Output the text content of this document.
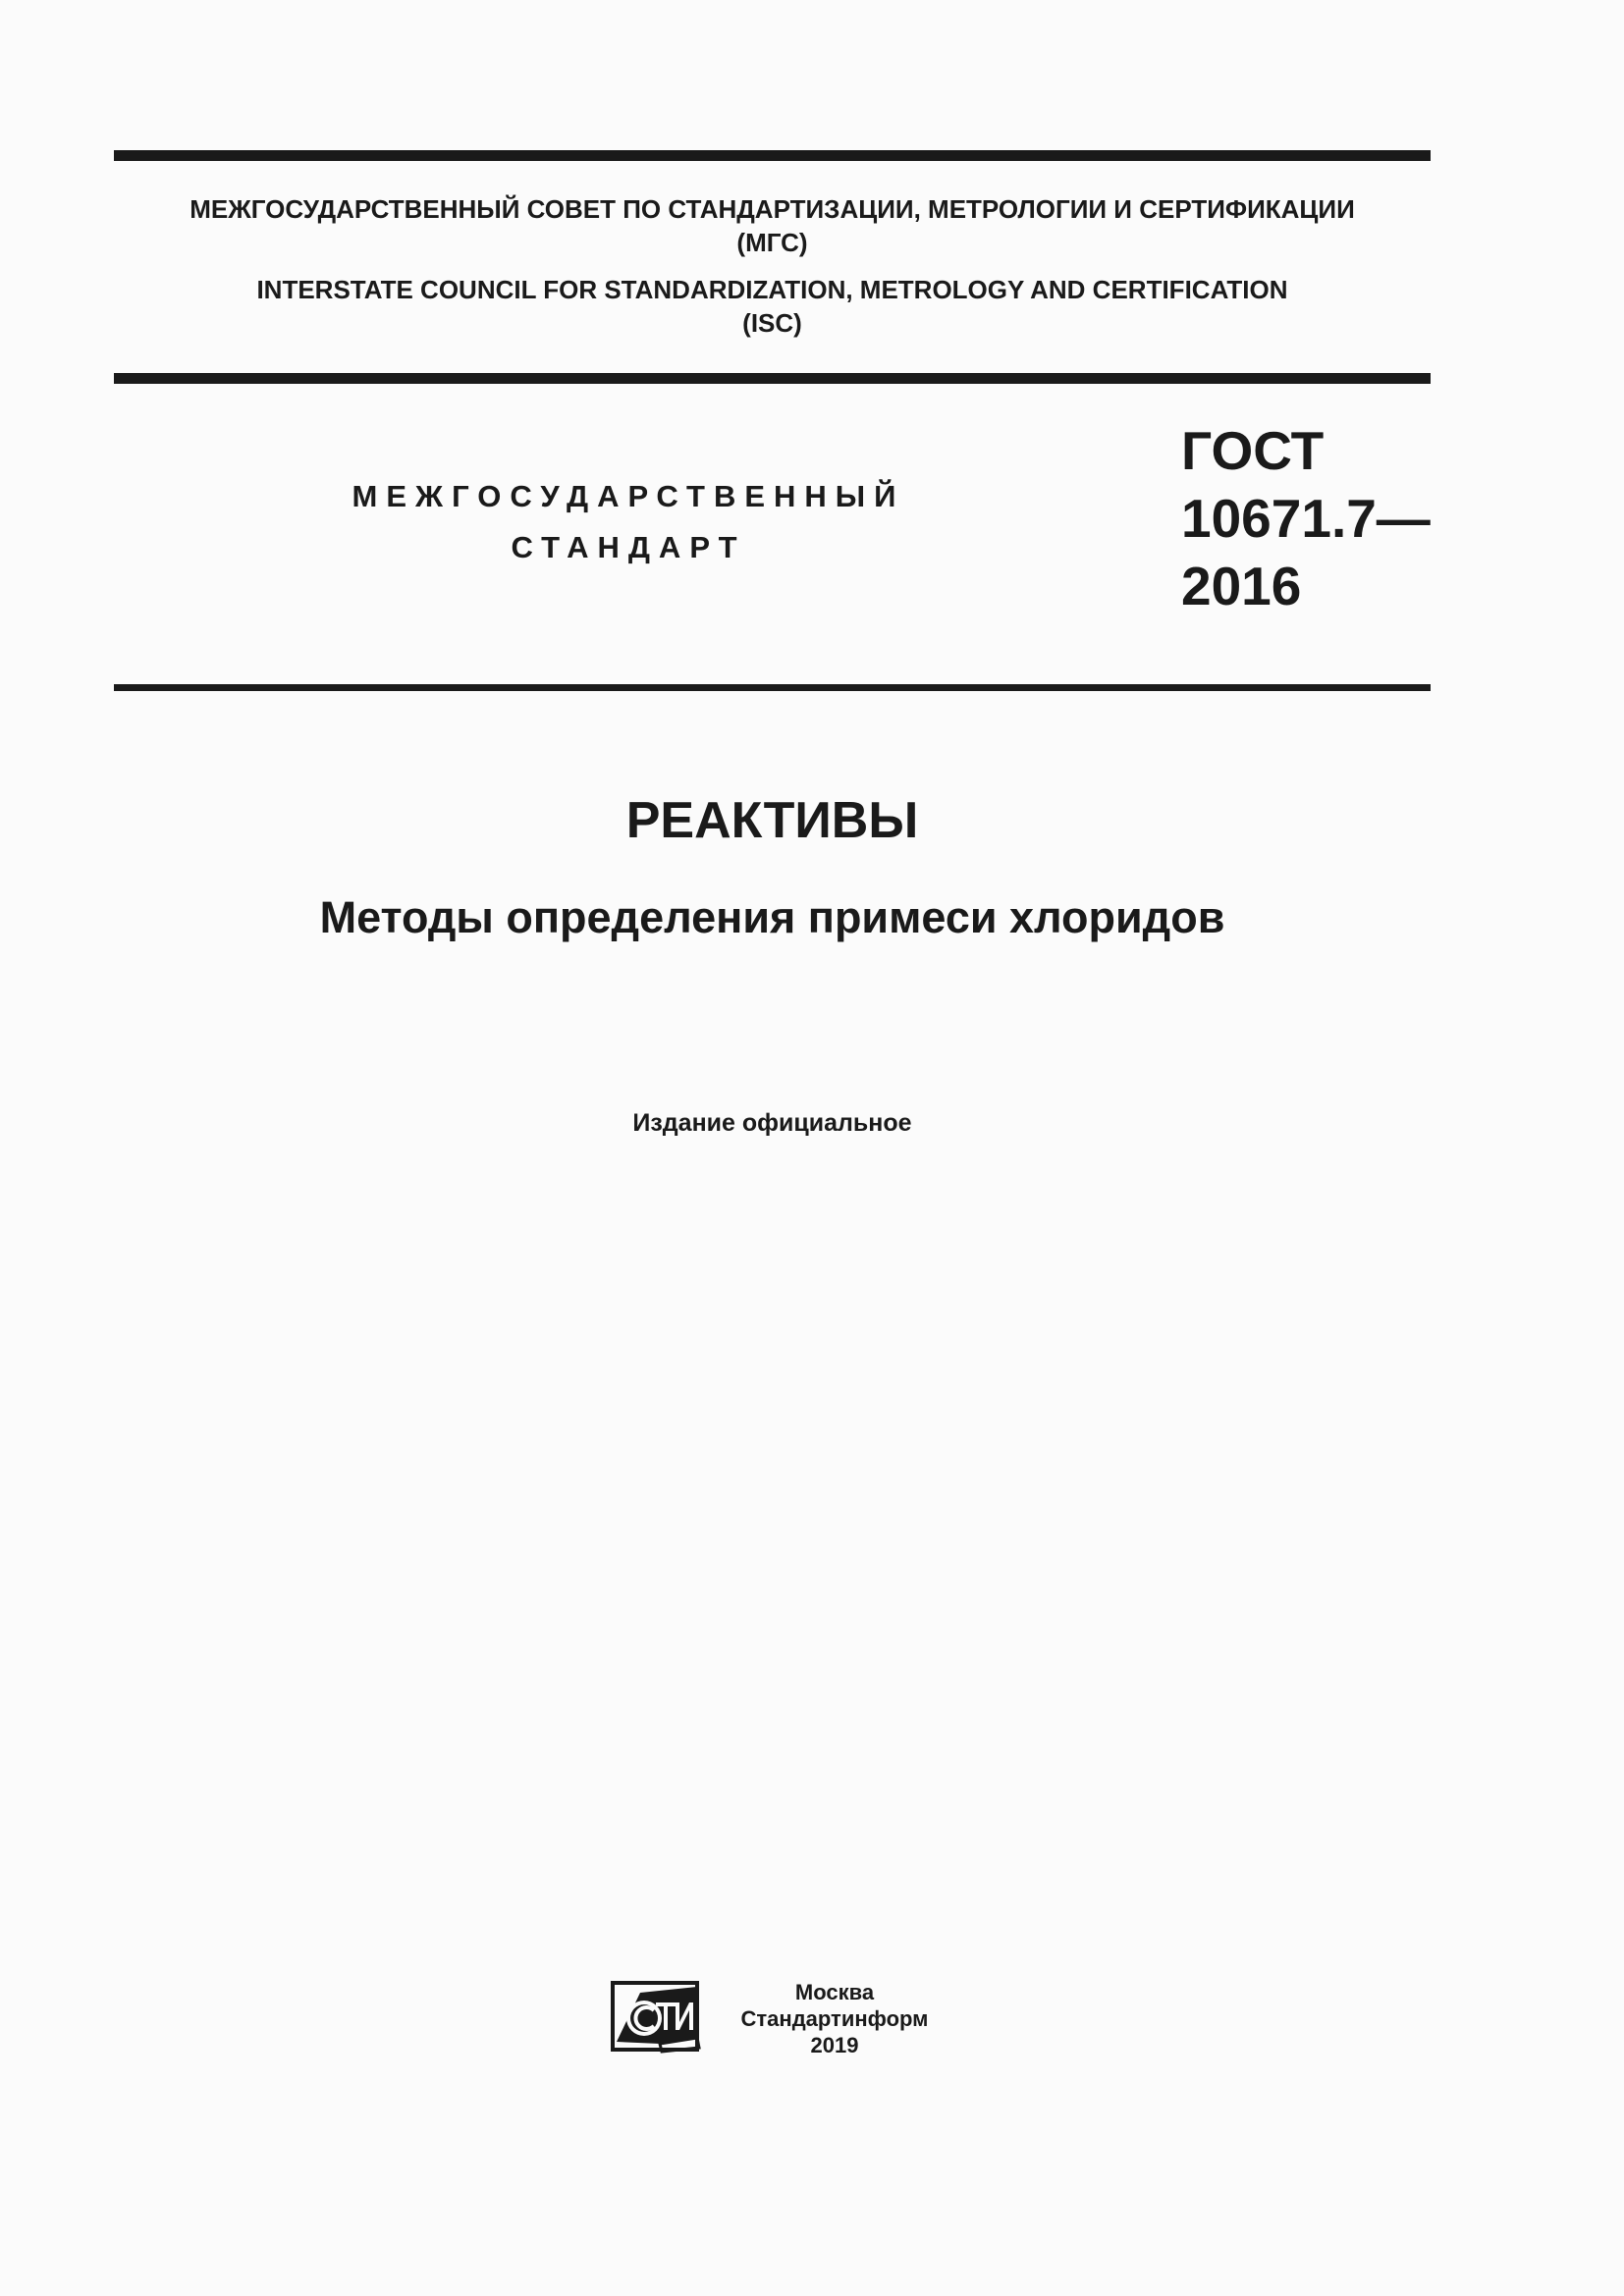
МЕЖГОСУДАРСТВЕННЫЙ СОВЕТ ПО СТАНДАРТИЗАЦИИ, МЕТРОЛОГИИ И СЕРТИФИКАЦИИ
(МГС)
INTERSTATE COUNCIL FOR STANDARDIZATION, METROLOGY AND CERTIFICATION
(ISC)
МЕЖГОСУДАРСТВЕННЫЙ
СТАНДАРТ
ГОСТ
10671.7—
2016
РЕАКТИВЫ
Методы определения примеси хлоридов
Издание официальное
Москва
Стандартинформ
2019
